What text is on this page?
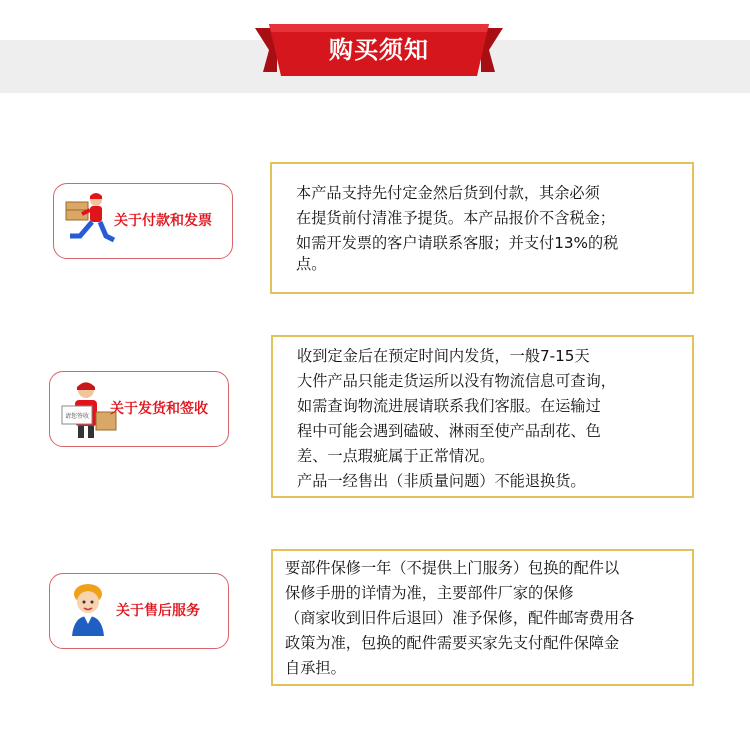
购买须知
关于付款和发票

本产品支持先付定金然后货到付款，其余必须

在提货前付清准予提货。本产品报价不含税金；

如需开发票的客户请联系客服；并支付13%的税

点。

请您签收 关于发货和签收

收到定金后在预定时间内发货，一般7-15天

大件产品只能走货运所以没有物流信息可查询，

如需查询物流进展请联系我们客服。在运输过

程中可能会遇到磕破、淋雨至使产品刮花、色

差、一点瑕疵属于正常情况。

产品一经售出（非质量问题）不能退换货。

关于售后服务

要部件保修一年（不提供上门服务）包换的配件以

保修手册的详情为准，主要部件厂家的保修

（商家收到旧件后退回）准予保修，配件邮寄费用各

政策为准，包换的配件需要买家先支付配件保障金

自承担。
